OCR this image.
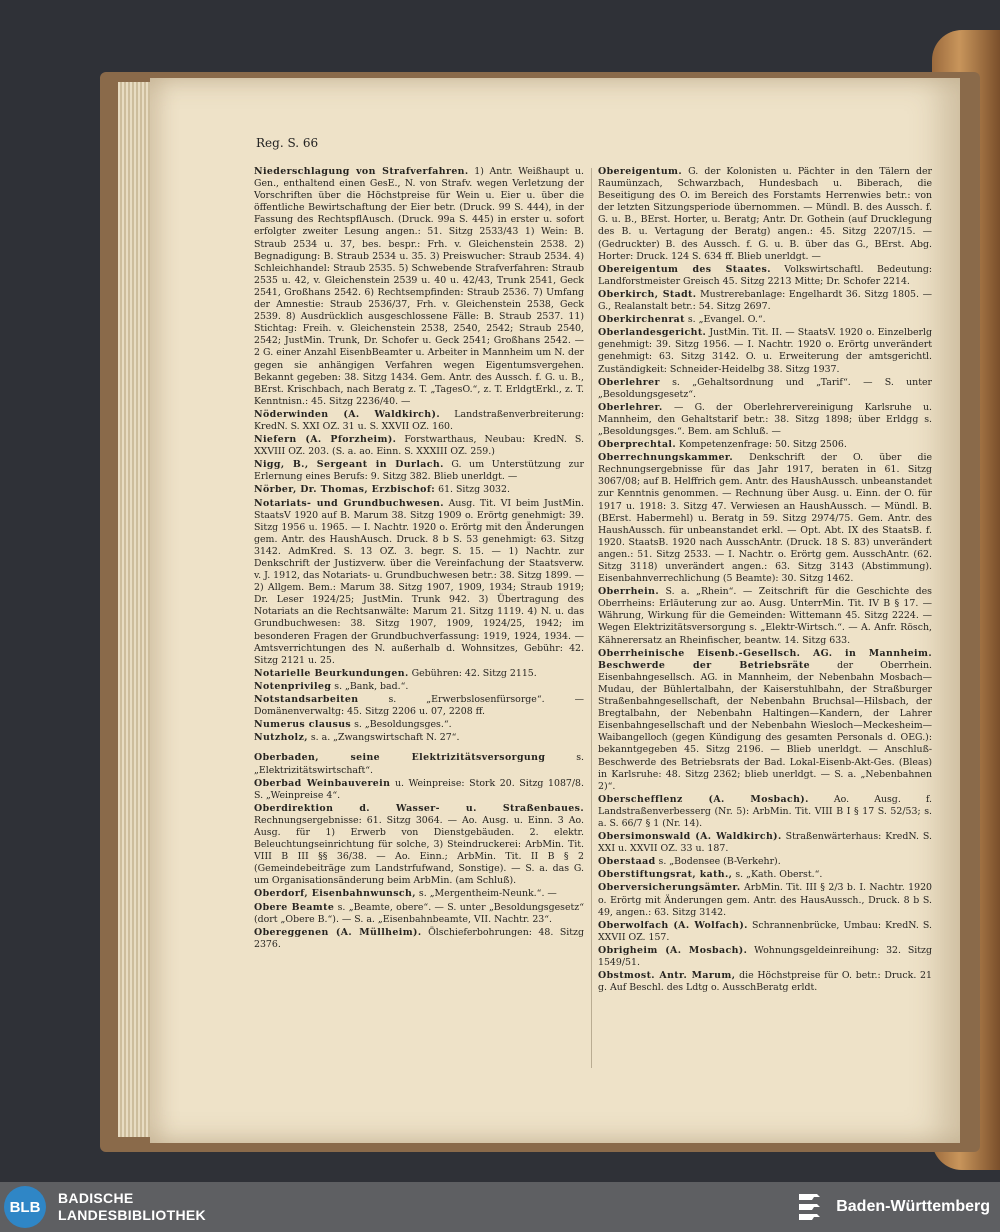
Reg. S. 66
Niederschlagung von Strafverfahren. 1) Antr. Weißhaupt u. Gen., enthaltend einen GesE., N. von Strafv. wegen Verletzung der Vorschriften über die Höchstpreise für Wein u. Eier u. über die öffentliche Bewirtschaftung der Eier betr. (Druck. 99 S. 444), in der Fassung des RechtspflAusch. (Druck. 99a S. 445) in erster u. sofort erfolgter zweiter Lesung angen.: 51. Sitzg 2533/43 1) Wein: B. Straub 2534 u. 37, bes. bespr.: Frh. v. Gleichenstein 2538. 2) Begnadigung: B. Straub 2534 u. 35. 3) Preiswucher: Straub 2534. 4) Schleichhandel: Straub 2535. 5) Schwebende Strafverfahren: Straub 2535 u. 42, v. Gleichenstein 2539 u. 40 u. 42/43, Trunk 2541, Geck 2541, Großhans 2542. 6) Rechtsempfinden: Straub 2536. 7) Umfang der Amnestie: Straub 2536/37, Frh. v. Gleichenstein 2538, Geck 2539. 8) Ausdrücklich ausgeschlossene Fälle: B. Straub 2537. 11) Stichtag: Freih. v. Gleichenstein 2538, 2540, 2542; Straub 2540, 2542; JustMin. Trunk, Dr. Schofer u. Geck 2541; Großhans 2542. — 2 G. einer Anzahl EisenbBeamter u. Arbeiter in Mannheim um N. der gegen sie anhängigen Verfahren wegen Eigentumsvergehen. Bekannt gegeben: 38. Sitzg 1434. Gem. Antr. des Aussch. f. G. u. B., BErst. Krischbach, nach Beratg z. T. „TagesO.“, z. T. ErldgtErkl., z. T. Kenntnisn.: 45. Sitzg 2236/40. —
Nöderwinden (A. Waldkirch). Landstraßenverbreiterung: KredN. S. XXI OZ. 31 u. S. XXVII OZ. 160.
Niefern (A. Pforzheim). Forstwarthaus, Neubau: KredN. S. XXVIII OZ. 203. (S. a. ao. Einn. S. XXXIII OZ. 259.)
Nigg, B., Sergeant in Durlach. G. um Unterstützung zur Erlernung eines Berufs: 9. Sitzg 382. Blieb unerldgt. —
Nörber, Dr. Thomas, Erzbischof: 61. Sitzg 3032.
Notariats- und Grundbuchwesen. Ausg. Tit. VI beim JustMin. StaatsV 1920 auf B. Marum 38. Sitzg 1909 o. Erörtg genehmigt: 39. Sitzg 1956 u. 1965. — I. Nachtr. 1920 o. Erörtg mit den Änderungen gem. Antr. des HaushAusch. Druck. 8 b S. 53 genehmigt: 63. Sitzg 3142. AdmKred. S. 13 OZ. 3. begr. S. 15. — 1) Nachtr. zur Denkschrift der Justizverw. über die Vereinfachung der Staatsverw. v. J. 1912, das Notariats- u. Grundbuchwesen betr.: 38. Sitzg 1899. — 2) Allgem. Bem.: Marum 38. Sitzg 1907, 1909, 1934; Straub 1919; Dr. Leser 1924/25; JustMin. Trunk 942. 3) Übertragung des Notariats an die Rechtsanwälte: Marum 21. Sitzg 1119. 4) N. u. das Grundbuchwesen: 38. Sitzg 1907, 1909, 1924/25, 1942; im besonderen Fragen der Grundbuchverfassung: 1919, 1924, 1934. — Amtsverrichtungen des N. außerhalb d. Wohnsitzes, Gebühr: 42. Sitzg 2121 u. 25.
Notarielle Beurkundungen. Gebühren: 42. Sitzg 2115.
Notenprivileg s. „Bank, bad.“.
Notstandsarbeiten s. „Erwerbslosenfürsorge“. — Domänenverwaltg: 45. Sitzg 2206 u. 07, 2208 ff.
Numerus clausus s. „Besoldungsges.“.
Nutzholz, s. a. „Zwangswirtschaft N. 27“.
Oberbaden, seine Elektrizitätsversorgung s. „Elektrizitätswirtschaft“.
Oberbad Weinbauverein u. Weinpreise: Stork 20. Sitzg 1087/8. S. „Weinpreise 4“.
Oberdirektion d. Wasser- u. Straßenbaues. Rechnungsergebnisse: 61. Sitzg 3064. — Ao. Ausg. u. Einn. 3 Ao. Ausg. für 1) Erwerb von Dienstgebäuden. 2. elektr. Beleuchtungseinrichtung für solche, 3) Steindruckerei: ArbMin. Tit. VIII B III §§ 36/38. — Ao. Einn.; ArbMin. Tit. II B § 2 (Gemeindebeiträge zum Landstrfufwand, Sonstige). — S. a. das G. um Organisationsänderung beim ArbMin. (am Schluß).
Oberdorf, Eisenbahnwunsch, s. „Mergentheim-Neunk.“. —
Obere Beamte s. „Beamte, obere“. — S. unter „Besoldungsgesetz“ (dort „Obere B.“). — S. a. „Eisenbahnbeamte, VII. Nachtr. 23“.
Obereggenen (A. Müllheim). Ölschieferbohrungen: 48. Sitzg 2376.
Obereigentum. G. der Kolonisten u. Pächter in den Tälern der Raumünzach, Schwarzbach, Hundesbach u. Biberach, die Beseitigung des O. im Bereich des Forstamts Herrenwies betr.: von der letzten Sitzungsperiode übernommen. — Mündl. B. des Aussch. f. G. u. B., BErst. Horter, u. Beratg; Antr. Dr. Gothein (auf Drucklegung des B. u. Vertagung der Beratg) angen.: 45. Sitzg 2207/15. — (Gedruckter) B. des Aussch. f. G. u. B. über das G., BErst. Abg. Horter: Druck. 124 S. 634 ff. Blieb unerldgt. —
Obereigentum des Staates. Volkswirtschaftl. Bedeutung: Landforstmeister Greisch 45. Sitzg 2213 Mitte; Dr. Schofer 2214.
Oberkirch, Stadt. Mustrerebanlage: Engelhardt 36. Sitzg 1805. — G., Realanstalt betr.: 54. Sitzg 2697.
Oberkirchenrat s. „Evangel. O.“.
Oberlandesgericht. JustMin. Tit. II. — StaatsV. 1920 o. Einzelberlg genehmigt: 39. Sitzg 1956. — I. Nachtr. 1920 o. Erörtg unverändert genehmigt: 63. Sitzg 3142. O. u. Erweiterung der amtsgerichtl. Zuständigkeit: Schneider-Heidelbg 38. Sitzg 1937.
Oberlehrer s. „Gehaltsordnung und „Tarif“. — S. unter „Besoldungsgesetz“.
Oberlehrer. — G. der Oberlehrervereinigung Karlsruhe u. Mannheim, den Gehaltstarif betr.: 38. Sitzg 1898; über Erldgg s. „Besoldungsges.“. Bem. am Schluß. —
Oberprechtal. Kompetenzenfrage: 50. Sitzg 2506.
Oberrechnungskammer. Denkschrift der O. über die Rechnungsergebnisse für das Jahr 1917, beraten in 61. Sitzg 3067/08; auf B. Helffrich gem. Antr. des HaushAussch. unbeanstandet zur Kenntnis genommen. — Rechnung über Ausg. u. Einn. der O. für 1917 u. 1918: 3. Sitzg 47. Verwiesen an HaushAussch. — Mündl. B. (BErst. Habermehl) u. Beratg in 59. Sitzg 2974/75. Gem. Antr. des HaushAussch. für unbeanstandet erkl. — Opt. Abt. IX des StaatsB. f. 1920. StaatsB. 1920 nach AusschAntr. (Druck. 18 S. 83) unverändert angen.: 51. Sitzg 2533. — I. Nachtr. o. Erörtg gem. AusschAntr. (62. Sitzg 3118) unverändert angen.: 63. Sitzg 3143 (Abstimmung). Eisenbahnverrechlichung (5 Beamte): 30. Sitzg 1462.
Oberrhein. S. a. „Rhein“. — Zeitschrift für die Geschichte des Oberrheins: Erläuterung zur ao. Ausg. UnterrMin. Tit. IV B § 17. — Währung, Wirkung für die Gemeinden: Wittemann 45. Sitzg 2224. — Wegen Elektrizitätsversorgung s. „Elektr-Wirtsch.“. — A. Anfr. Rösch, Kähnerersatz an Rheinfischer, beantw. 14. Sitzg 633.
Oberrheinische Eisenb.-Gesellsch. AG. in Mannheim. Beschwerde der Betriebsräte der Oberrhein. Eisenbahngesellsch. AG. in Mannheim, der Nebenbahn Mosbach—Mudau, der Bühlertalbahn, der Kaiserstuhlbahn, der Straßburger Straßenbahngesellschaft, der Nebenbahn Bruchsal—Hilsbach, der Bregtalbahn, der Nebenbahn Haltingen—Kandern, der Lahrer Eisenbahngesellschaft und der Nebenbahn Wiesloch—Meckesheim—Waibangelloch (gegen Kündigung des gesamten Personals d. OEG.): bekanntgegeben 45. Sitzg 2196. — Blieb unerldgt. — Anschluß-Beschwerde des Betriebsrats der Bad. Lokal-Eisenb-Akt-Ges. (Bleas) in Karlsruhe: 48. Sitzg 2362; blieb unerldgt. — S. a. „Nebenbahnen 2)“.
Oberschefflenz (A. Mosbach). Ao. Ausg. f. Landstraßenverbesserg (Nr. 5): ArbMin. Tit. VIII B I § 17 S. 52/53; s. a. S. 66/7 § 1 (Nr. 14).
Obersimonswald (A. Waldkirch). Straßenwärterhaus: KredN. S. XXI u. XXVII OZ. 33 u. 187.
Oberstaad s. „Bodensee (B-Verkehr).
Oberstiftungsrat, kath., s. „Kath. Oberst.“.
Oberversicherungsämter. ArbMin. Tit. III § 2/3 b. I. Nachtr. 1920 o. Erörtg mit Änderungen gem. Antr. des HausAussch., Druck. 8 b S. 49, angen.: 63. Sitzg 3142.
Oberwolfach (A. Wolfach). Schrannenbrücke, Umbau: KredN. S. XXVII OZ. 157.
Obrigheim (A. Mosbach). Wohnungsgeldeinreihung: 32. Sitzg 1549/51.
Obstmost. Antr. Marum, die Höchstpreise für O. betr.: Druck. 21 g. Auf Beschl. des Ldtg o. AusschBeratg erldt.
BLB
BADISCHE
LANDESBIBLIOTHEK	Baden-Württemberg
